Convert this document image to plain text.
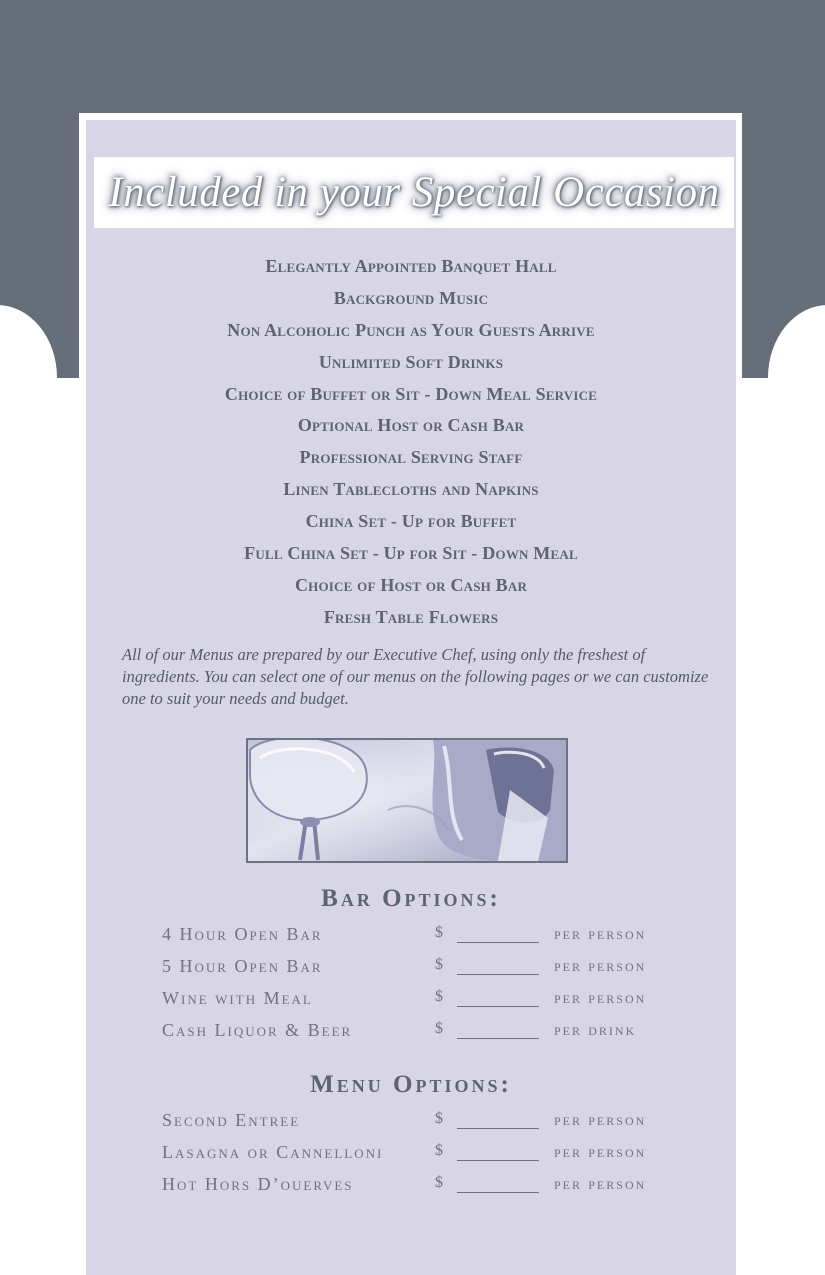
Included in your Special Occasion
Elegantly Appointed Banquet Hall
Background Music
Non Alcoholic Punch as Your Guests Arrive
Unlimited Soft Drinks
Choice of Buffet or Sit - Down Meal Service
Optional Host or Cash Bar
Professional Serving Staff
Linen Tablecloths and Napkins
China Set - Up for Buffet
Full China Set - Up for Sit - Down Meal
Choice of Host or Cash Bar
Fresh Table Flowers

All of our Menus are prepared by our Executive Chef, using only the freshest of ingredients. You can select one of our menus on the following pages or we can customize one to suit your needs and budget.

Bar Options:
4 Hour Open Bar	$	per person
5 Hour Open Bar	$	per person
Wine with Meal	$	per person
Cash Liquor & Beer	$	per drink
Menu Options:
Second Entree	$	per person
Lasagna or Cannelloni	$	per person
Hot Hors D’ouerves	$	per person
